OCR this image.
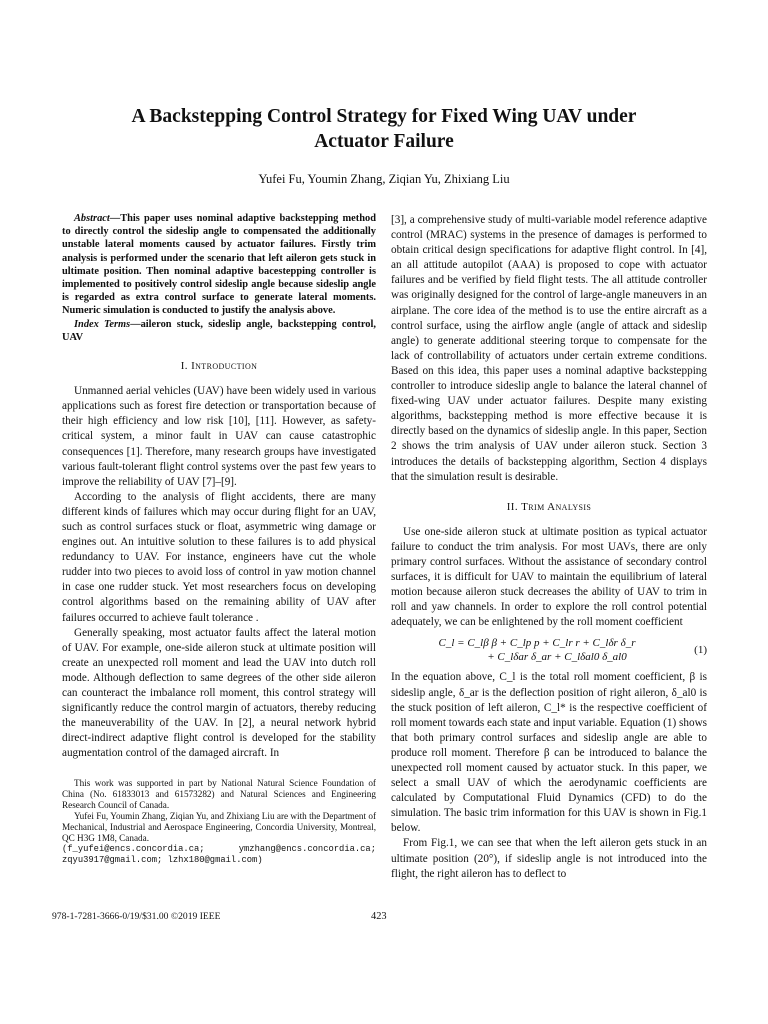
A Backstepping Control Strategy for Fixed Wing UAV under
Actuator Failure
Yufei Fu, Youmin Zhang, Ziqian Yu, Zhixiang Liu

Abstract—This paper uses nominal adaptive backstepping method to directly control the sideslip angle to compensated the additionally unstable lateral moments caused by actuator failures. Firstly trim analysis is performed under the scenario that left aileron gets stuck in ultimate position. Then nominal adaptive bacestepping controller is implemented to positively control sideslip angle because sideslip angle is regarded as extra control surface to generate lateral moments. Numeric simulation is conducted to justify the analysis above.

Index Terms—aileron stuck, sideslip angle, backstepping control, UAV

I. Introduction

Unmanned aerial vehicles (UAV) have been widely used in various applications such as forest fire detection or transportation because of their high efficiency and low risk [10], [11]. However, as safety-critical system, a minor fault in UAV can cause catastrophic consequences [1]. Therefore, many research groups have investigated various fault-tolerant flight control systems over the past few years to improve the reliability of UAV [7]–[9].

According to the analysis of flight accidents, there are many different kinds of failures which may occur during flight for an UAV, such as control surfaces stuck or float, asymmetric wing damage or engines out. An intuitive solution to these failures is to add physical redundancy to UAV. For instance, engineers have cut the whole rudder into two pieces to avoid loss of control in yaw motion channel in case one rudder stuck. Yet most researchers focus on developing control algorithms based on the remaining ability of UAV after failures occurred to achieve fault tolerance .

Generally speaking, most actuator faults affect the lateral motion of UAV. For example, one-side aileron stuck at ultimate position will create an unexpected roll moment and lead the UAV into dutch roll mode. Although deflection to same degrees of the other side aileron can counteract the imbalance roll moment, this control strategy will significantly reduce the control margin of actuators, thereby reducing the maneuverability of the UAV. In [2], a neural network hybrid direct-indirect adaptive flight control is developed for the stability augmentation control of the damaged aircraft. In

This work was supported in part by National Natural Science Foundation of China (No. 61833013 and 61573282) and Natural Sciences and Engineering Research Council of Canada.

Yufei Fu, Youmin Zhang, Ziqian Yu, and Zhixiang Liu are with the Department of Mechanical, Industrial and Aerospace Engineering, Concordia University, Montreal, QC H3G 1M8, Canada.

(f_yufei@encs.concordia.ca; ymzhang@encs.concordia.ca; zqyu3917@gmail.com; lzhx180@gmail.com)

[3], a comprehensive study of multi-variable model reference adaptive control (MRAC) systems in the presence of damages is performed to obtain critical design specifications for adaptive flight control. In [4], an all attitude autopilot (AAA) is proposed to cope with actuator failures and be verified by field flight tests. The all attitude controller was originally designed for the control of large-angle maneuvers in an airplane. The core idea of the method is to use the entire aircraft as a control surface, using the airflow angle (angle of attack and sideslip angle) to generate additional steering torque to compensate for the lack of controllability of actuators under certain extreme conditions. Based on this idea, this paper uses a nominal adaptive backstepping controller to introduce sideslip angle to balance the lateral channel of fixed-wing UAV under actuator failures. Despite many existing algorithms, backstepping method is more effective because it is directly based on the dynamics of sideslip angle. In this paper, Section 2 shows the trim analysis of UAV under aileron stuck. Section 3 introduces the details of backstepping algorithm, Section 4 displays that the simulation result is desirable.

II. Trim Analysis

Use one-side aileron stuck at ultimate position as typical actuator failure to conduct the trim analysis. For most UAVs, there are only primary control surfaces. Without the assistance of secondary control surfaces, it is difficult for UAV to maintain the equilibrium of lateral motion because aileron stuck decreases the ability of UAV to trim in roll and yaw channels. In order to explore the roll control potential adequately, we can be enlightened by the roll moment coefficient

C_l = C_lβ β + C_lp p + C_lr r + C_lδr δ_r
+ C_lδar δ_ar + C_lδal0 δ_al0
(1)

In the equation above, C_l is the total roll moment coefficient, β is sideslip angle, δ_ar is the deflection position of right aileron, δ_al0 is the stuck position of left aileron, C_l* is the respective coefficient of roll moment towards each state and input variable. Equation (1) shows that both primary control surfaces and sideslip angle are able to produce roll moment. Therefore β can be introduced to balance the unexpected roll moment caused by actuator stuck. In this paper, we select a small UAV of which the aerodynamic coefficients are calculated by Computational Fluid Dynamics (CFD) to do the simulation. The basic trim information for this UAV is shown in Fig.1 below.

From Fig.1, we can see that when the left aileron gets stuck in an ultimate position (20°), if sideslip angle is not introduced into the flight, the right aileron has to deflect to

978-1-7281-3666-0/19/$31.00 ©2019 IEEE	423
